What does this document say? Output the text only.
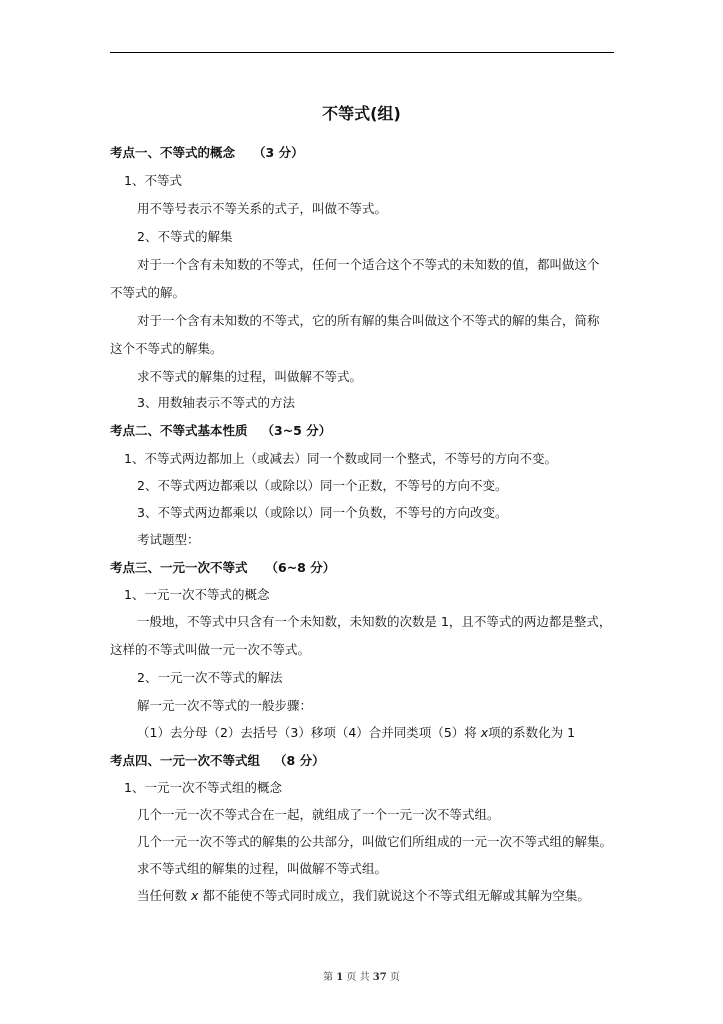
不等式(组)
考点一、不等式的概念 （3 分）
1、不等式
用不等号表示不等关系的式子，叫做不等式。
2、不等式的解集
对于一个含有未知数的不等式，任何一个适合这个不等式的未知数的值，都叫做这个
不等式的解。
对于一个含有未知数的不等式，它的所有解的集合叫做这个不等式的解的集合，简称
这个不等式的解集。
求不等式的解集的过程，叫做解不等式。
3、用数轴表示不等式的方法
考点二、不等式基本性质 （3~5 分）
1、不等式两边都加上（或减去）同一个数或同一个整式，不等号的方向不变。
2、不等式两边都乘以（或除以）同一个正数，不等号的方向不变。
3、不等式两边都乘以（或除以）同一个负数，不等号的方向改变。
考试题型：
考点三、一元一次不等式 （6~8 分）
1、一元一次不等式的概念
一般地，不等式中只含有一个未知数，未知数的次数是 1，且不等式的两边都是整式，
这样的不等式叫做一元一次不等式。
2、一元一次不等式的解法
解一元一次不等式的一般步骤：
（1）去分母（2）去括号（3）移项（4）合并同类项（5）将 x项的系数化为 1
考点四、一元一次不等式组 （8 分）
1、一元一次不等式组的概念
几个一元一次不等式合在一起，就组成了一个一元一次不等式组。
几个一元一次不等式的解集的公共部分，叫做它们所组成的一元一次不等式组的解集。
求不等式组的解集的过程，叫做解不等式组。
当任何数 x 都不能使不等式同时成立，我们就说这个不等式组无解或其解为空集。
第 1 页 共 37 页
